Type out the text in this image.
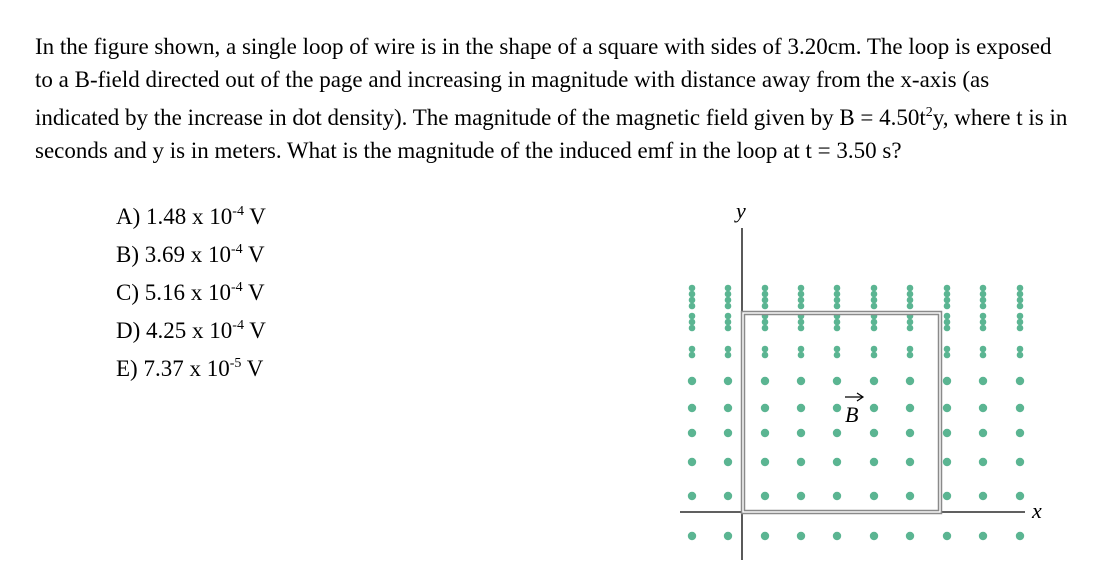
In the figure shown, a single loop of wire is in the shape of a square with sides of 3.20cm. The loop is exposed to a B-field directed out of the page and increasing in magnitude with distance away from the x-axis (as indicated by the increase in dot density). The magnitude of the magnetic field given by $B = 4.50t^2y$, where t is in seconds and y is in meters. What is the magnitude of the induced emf in the loop at t = 3.50 s?

A) 1.48 x $10^{-4}$ V
B) 3.69 x $10^{-4}$ V
C) 5.16 x $10^{-4}$ V
D) 4.25 x $10^{-4}$ V
E) 7.37 x $10^{-5}$ V
y
x
B
